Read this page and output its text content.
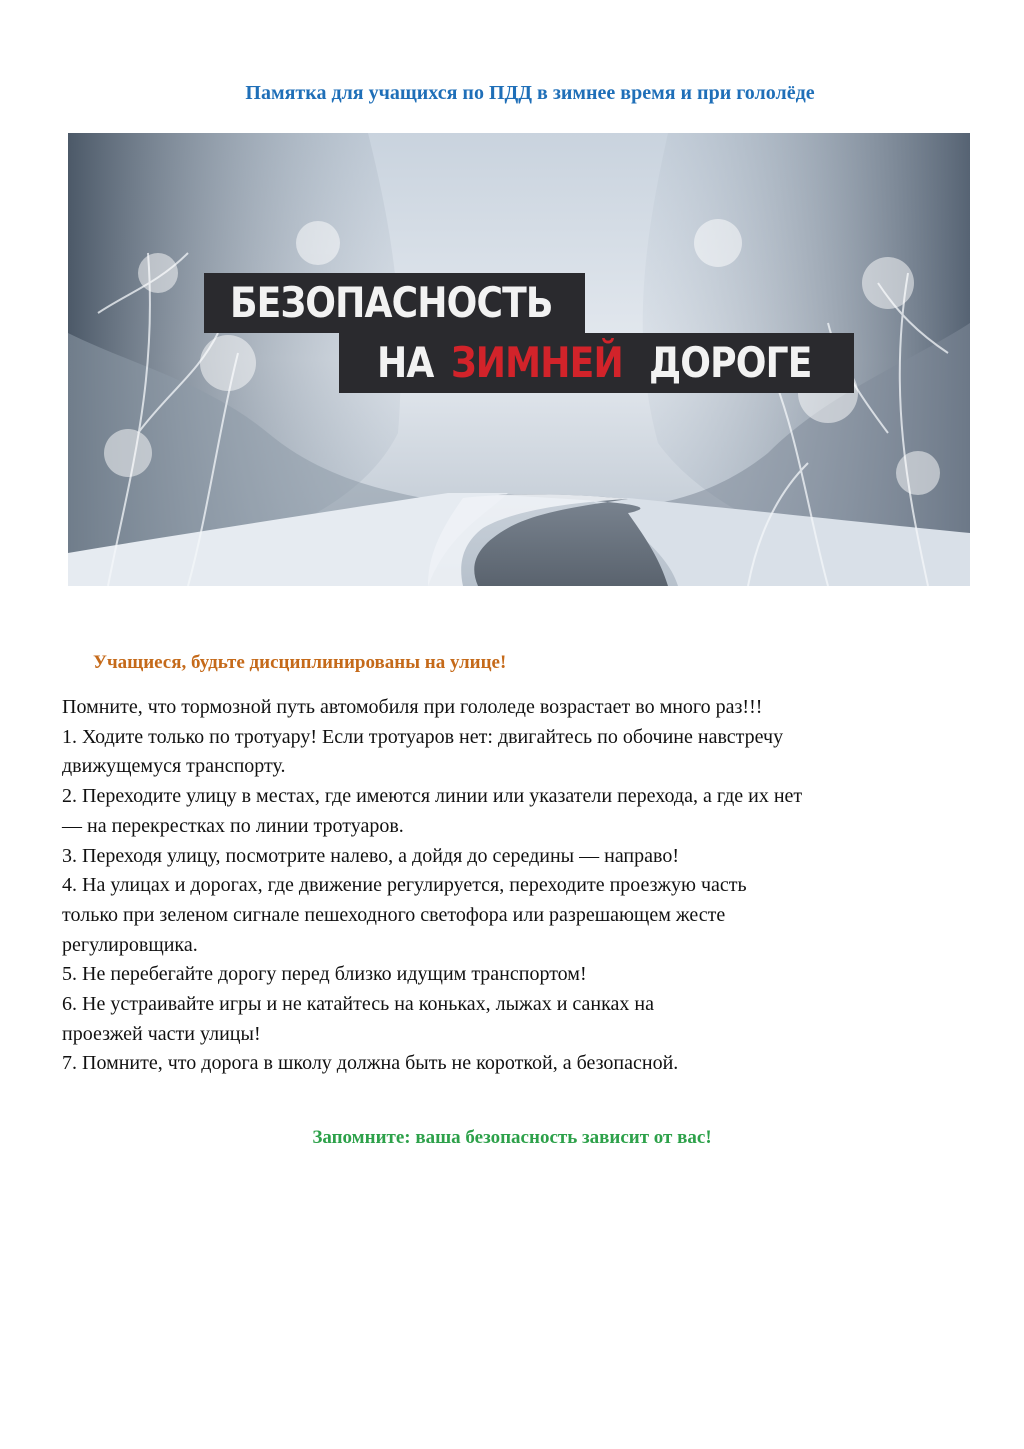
Памятка для учащихся по ПДД в зимнее время и при гололёде
БЕЗОПАСНОСТЬ
НА ЗИМНЕЙ ДОРОГЕ
Учащиеся, будьте дисциплинированы на улице!
Помните, что тормозной путь автомобиля при гололеде возрастает во много раз!!!
1. Ходите только по тротуару! Если тротуаров нет: двигайтесь по обочине навстречу
движущемуся транспорту.
2. Переходите улицу в местах, где имеются линии или указатели перехода, а где их нет
— на перекрестках по линии тротуаров.
3. Переходя улицу, посмотрите налево, а дойдя до середины — направо!
4. На улицах и дорогах, где движение регулируется, переходите проезжую часть
только при зеленом сигнале пешеходного светофора или разрешающем жесте
регулировщика.
5. Не перебегайте дорогу перед близко идущим транспортом!
6. Не устраивайте игры и не катайтесь на коньках, лыжах и санках на
проезжей части улицы!
7. Помните, что дорога в школу должна быть не короткой, а безопасной.

Запомните: ваша безопасность зависит от вас!
